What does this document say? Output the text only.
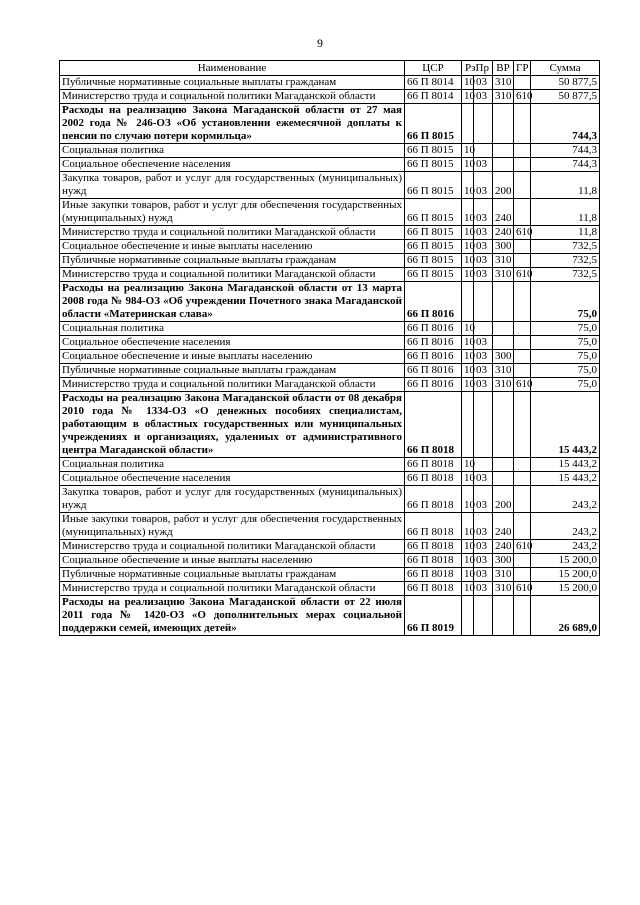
9
Наименование	ЦСР	РзПр		ВР	ГР	Сумма
Публичные нормативные социальные выплаты гражданам	66 П 8014	10	03	310		50 877,5
Министерство труда и социальной политики Магаданской области	66 П 8014	10	03	310	610	50 877,5
Расходы на реализацию Закона Магаданской области от 27 мая 2002 года № 246-ОЗ «Об установлении ежемесячной доплаты к пенсии по случаю потери кормильца»	66 П 8015					744,3
Социальная политика	66 П 8015	10				744,3
Социальное обеспечение населения	66 П 8015	10	03			744,3
Закупка товаров, работ и услуг для государственных (муниципальных) нужд	66 П 8015	10	03	200		11,8
Иные закупки товаров, работ и услуг для обеспечения государственных (муниципальных) нужд	66 П 8015	10	03	240		11,8
Министерство труда и социальной политики Магаданской области	66 П 8015	10	03	240	610	11,8
Социальное обеспечение и иные выплаты населению	66 П 8015	10	03	300		732,5
Публичные нормативные социальные выплаты гражданам	66 П 8015	10	03	310		732,5
Министерство труда и социальной политики Магаданской области	66 П 8015	10	03	310	610	732,5
Расходы на реализацию Закона Магаданской области от 13 марта 2008 года № 984-ОЗ «Об учреждении Почетного знака Магаданской области «Материнская слава»	66 П 8016					75,0
Социальная политика	66 П 8016	10				75,0
Социальное обеспечение населения	66 П 8016	10	03			75,0
Социальное обеспечение и иные выплаты населению	66 П 8016	10	03	300		75,0
Публичные нормативные социальные выплаты гражданам	66 П 8016	10	03	310		75,0
Министерство труда и социальной политики Магаданской области	66 П 8016	10	03	310	610	75,0
Расходы на реализацию Закона Магаданской области от 08 декабря 2010 года № 1334-ОЗ «О денежных пособиях специалистам, работающим в областных государственных или муниципальных учреждениях и организациях, удаленных от административного центра Магаданской области»	66 П 8018					15 443,2
Социальная политика	66 П 8018	10				15 443,2
Социальное обеспечение населения	66 П 8018	10	03			15 443,2
Закупка товаров, работ и услуг для государственных (муниципальных) нужд	66 П 8018	10	03	200		243,2
Иные закупки товаров, работ и услуг для обеспечения государственных (муниципальных) нужд	66 П 8018	10	03	240		243,2
Министерство труда и социальной политики Магаданской области	66 П 8018	10	03	240	610	243,2
Социальное обеспечение и иные выплаты населению	66 П 8018	10	03	300		15 200,0
Публичные нормативные социальные выплаты гражданам	66 П 8018	10	03	310		15 200,0
Министерство труда и социальной политики Магаданской области	66 П 8018	10	03	310	610	15 200,0
Расходы на реализацию Закона Магаданской области от 22 июля 2011 года № 1420-ОЗ «О дополнительных мерах социальной поддержки семей, имеющих детей»	66 П 8019					26 689,0
